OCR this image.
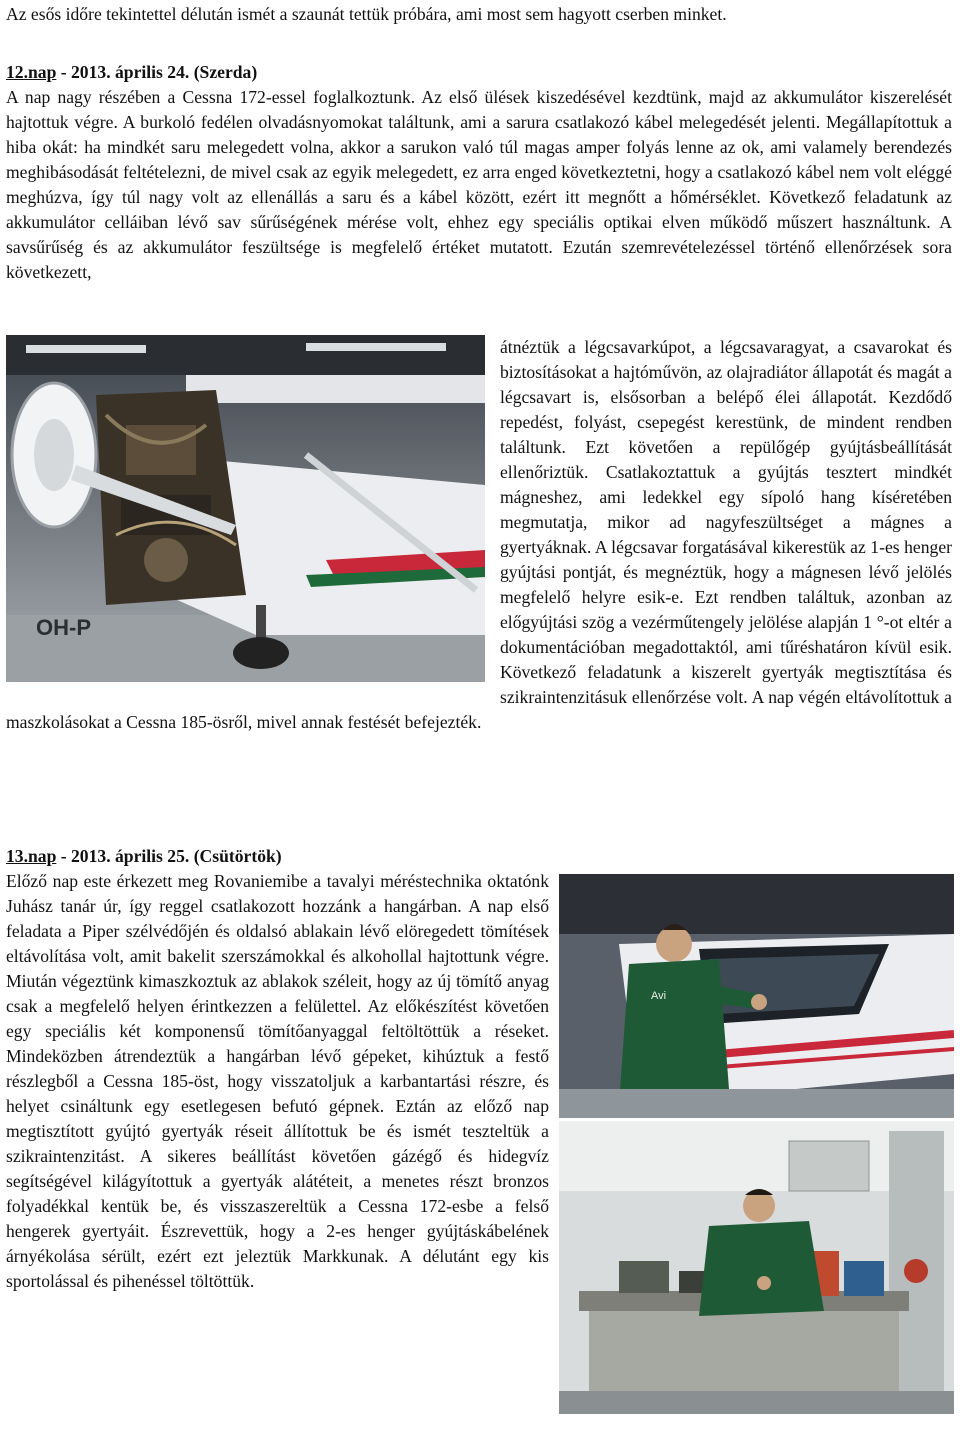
Az esős időre tekintettel délután ismét a szaunát tettük próbára, ami most sem hagyott cserben minket.

12.nap - 2013. április 24. (Szerda)

A nap nagy részében a Cessna 172-essel foglalkoztunk. Az első ülések kiszedésével kezdtünk, majd az akkumulátor kiszerelését hajtottuk végre. A burkoló fedélen olvadásnyomokat találtunk, ami a sarura csatlakozó kábel melegedését jelenti. Megállapítottuk a hiba okát: ha mindkét saru melegedett volna, akkor a sarukon való túl magas amper folyás lenne az ok, ami valamely berendezés meghibásodását feltételezni, de mivel csak az egyik melegedett, ez arra enged következtetni, hogy a csatlakozó kábel nem volt eléggé meghúzva, így túl nagy volt az ellenállás a saru és a kábel között, ezért itt megnőtt a hőmérséklet. Következő feladatunk az akkumulátor celláiban lévő sav sűrűségének mérése volt, ehhez egy speciális optikai elven működő műszert használtunk. A savsűrűség és az akkumulátor feszültsége is megfelelő értéket mutatott. Ezután szemrevételezéssel történő ellenőrzések sora következett,

OH-P
átnéztük a légcsavarkúpot, a légcsavaragyat, a csavarokat és biztosításokat a hajtóművön, az olajradiátor állapotát és magát a légcsavart is, elsősorban a belépő élei állapotát. Kezdődő repedést, folyást, csepegést kerestünk, de mindent rendben találtunk. Ezt követően a repülőgép gyújtásbeállítását ellenőriztük. Csatlakoztattuk a gyújtás tesztert mindkét mágneshez, ami ledekkel egy sípoló hang kíséretében megmutatja, mikor ad nagyfeszültséget a mágnes a gyertyáknak. A légcsavar forgatásával kikerestük az 1-es henger gyújtási pontját, és megnéztük, hogy a mágnesen lévő jelölés megfelelő helyre esik-e. Ezt rendben találtuk, azonban az előgyújtási szög a vezérműtengely jelölése alapján 1 °-ot eltér a dokumentációban megadottaktól, ami tűréshatáron kívül esik. Következő feladatunk a kiszerelt gyertyák megtisztítása és szikraintenzitásuk ellenőrzése volt. A nap végén eltávolítottuk a maszkolásokat a Cessna 185-ösről, mivel annak festését befejezték.

13.nap - 2013. április 25. (Csütörtök)

Avi
Előző nap este érkezett meg Rovaniemibe a tavalyi méréstechnika oktatónk Juhász tanár úr, így reggel csatlakozott hozzánk a hangárban. A nap első feladata a Piper szélvédőjén és oldalsó ablakain lévő elöregedett tömítések eltávolítása volt, amit bakelit szerszámokkal és alkohollal hajtottunk végre. Miután végeztünk kimaszkoztuk az ablakok széleit, hogy az új tömítő anyag csak a megfelelő helyen érintkezzen a felülettel. Az előkészítést követően egy speciális két komponensű tömítőanyaggal feltöltöttük a réseket. Mindeközben átrendeztük a hangárban lévő gépeket, kihúztuk a festő részlegből a Cessna 185-öst, hogy visszatoljuk a karbantartási részre, és helyet csináltunk egy esetlegesen befutó gépnek. Eztán az előző nap megtisztított gyújtó gyertyák réseit állítottuk be és ismét teszteltük a szikraintenzitást. A sikeres beállítást követően gázégő és hidegvíz segítségével kilágyítottuk a gyertyák alátéteit, a menetes részt bronzos folyadékkal kentük be, és visszaszereltük a Cessna 172-esbe a felső hengerek gyertyáit. Észrevettük, hogy a 2-es henger gyújtáskábelének árnyékolása sérült, ezért ezt jeleztük Markkunak. A délutánt egy kis sportolással és pihenéssel töltöttük.
